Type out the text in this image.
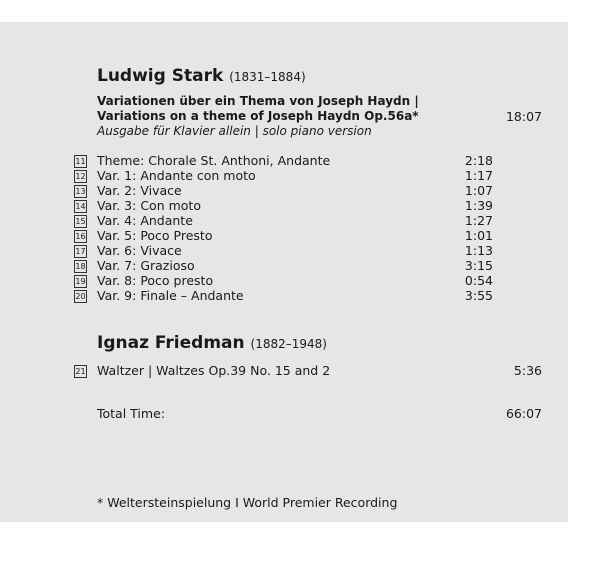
Ludwig Stark (1831–1884)
Variationen über ein Thema von Joseph Haydn |
Variations on a theme of Joseph Haydn Op.56a*	18:07
Ausgabe für Klavier allein | solo piano version
11 Theme: Chorale St. Anthoni, Andante	2:18
12 Var. 1: Andante con moto	1:17
13 Var. 2: Vivace	1:07
14 Var. 3: Con moto	1:39
15 Var. 4: Andante	1:27
16 Var. 5: Poco Presto	1:01
17 Var. 6: Vivace	1:13
18 Var. 7: Grazioso	3:15
19 Var. 8: Poco presto	0:54
20 Var. 9: Finale – Andante	3:55
Ignaz Friedman (1882–1948)
21 Waltzer | Waltzes Op.39 No. 15 and 2	5:36
Total Time:	66:07
* Weltersteinspielung I World Premier Recording
